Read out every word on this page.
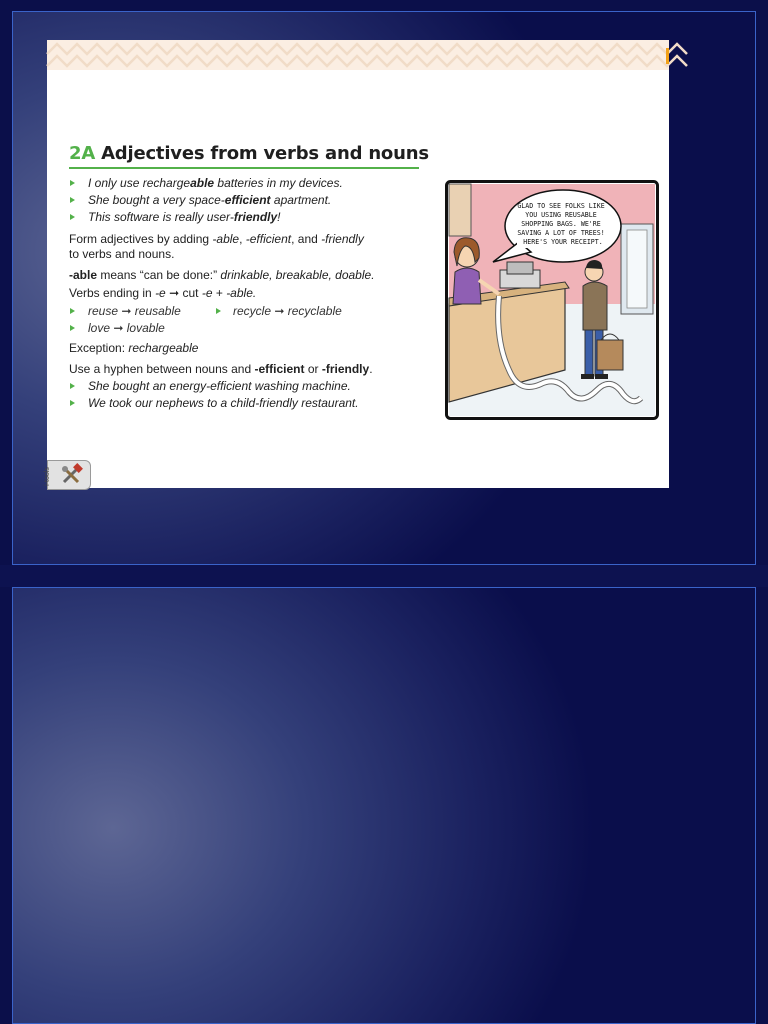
2A Adjectives from verbs and nouns
I only use rechargeable batteries in my devices.
She bought a very space-efficient apartment.
This software is really user-friendly!
Form adjectives by adding -able, -efficient, and -friendly
to verbs and nouns.
-able means “can be done:” drinkable, breakable, doable.
Verbs ending in -e ➞ cut -e + -able.
reuse ➞ reusable	recycle ➞ recyclable
love ➞ lovable
Exception: rechargeable
Use a hyphen between nouns and -efficient or -friendly.
She bought an energy-efficient washing machine.
We took our nephews to a child-friendly restaurant.
GLAD TO SEE FOLKS LIKE YOU USING REUSABLE SHOPPING BAGS. WE'RE SAVING A LOT OF TREES! HERE'S YOUR RECEIPT.
i-tools
